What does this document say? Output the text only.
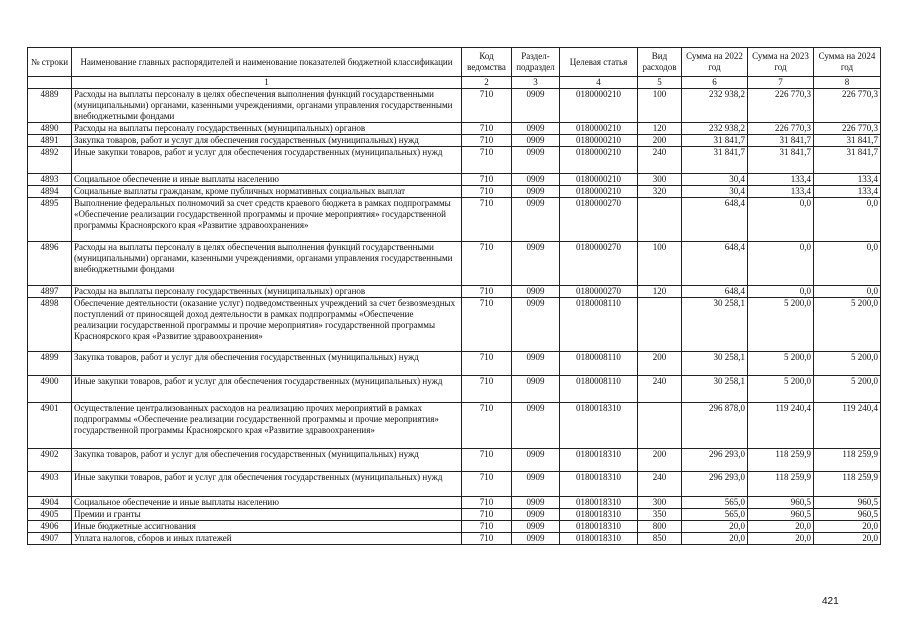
№ строки	Наименование главных распорядителей и наименование показателей бюджетной классификации	Код ведомства	Раздел-подраздел	Целевая статья	Вид расходов	Сумма на 2022 год	Сумма на 2023 год	Сумма на 2024 год
	1	2	3	4	5	6	7	8
4889	Расходы на выплаты персоналу в целях обеспечения выполнения функций государственными (муниципальными) органами, казенными учреждениями, органами управления государственными внебюджетными фондами	710	0909	0180000210	100	232 938,2	226 770,3	226 770,3
4890	Расходы на выплаты персоналу государственных (муниципальных) органов	710	0909	0180000210	120	232 938,2	226 770,3	226 770,3
4891	Закупка товаров, работ и услуг для обеспечения государственных (муниципальных) нужд	710	0909	0180000210	200	31 841,7	31 841,7	31 841,7
4892	Иные закупки товаров, работ и услуг для обеспечения государственных (муниципальных) нужд	710	0909	0180000210	240	31 841,7	31 841,7	31 841,7
4893	Социальное обеспечение и иные выплаты населению	710	0909	0180000210	300	30,4	133,4	133,4
4894	Социальные выплаты гражданам, кроме публичных нормативных социальных выплат	710	0909	0180000210	320	30,4	133,4	133,4
4895	Выполнение федеральных полномочий за счет средств краевого бюджета в рамках подпрограммы «Обеспечение реализации государственной программы и прочие мероприятия» государственной программы Красноярского края «Развитие здравоохранения»	710	0909	0180000270		648,4	0,0	0,0
4896	Расходы на выплаты персоналу в целях обеспечения выполнения функций государственными (муниципальными) органами, казенными учреждениями, органами управления государственными внебюджетными фондами	710	0909	0180000270	100	648,4	0,0	0,0
4897	Расходы на выплаты персоналу государственных (муниципальных) органов	710	0909	0180000270	120	648,4	0,0	0,0
4898	Обеспечение деятельности (оказание услуг) подведомственных учреждений за счет безвозмездных поступлений от приносящей доход деятельности в рамках подпрограммы «Обеспечение реализации государственной программы и прочие мероприятия» государственной программы Красноярского края «Развитие здравоохранения»	710	0909	0180008110		30 258,1	5 200,0	5 200,0
4899	Закупка товаров, работ и услуг для обеспечения государственных (муниципальных) нужд	710	0909	0180008110	200	30 258,1	5 200,0	5 200,0
4900	Иные закупки товаров, работ и услуг для обеспечения государственных (муниципальных) нужд	710	0909	0180008110	240	30 258,1	5 200,0	5 200,0
4901	Осуществление централизованных расходов на реализацию прочих мероприятий в рамках подпрограммы «Обеспечение реализации государственной программы и прочие мероприятия» государственной программы Красноярского края «Развитие здравоохранения»	710	0909	0180018310		296 878,0	119 240,4	119 240,4
4902	Закупка товаров, работ и услуг для обеспечения государственных (муниципальных) нужд	710	0909	0180018310	200	296 293,0	118 259,9	118 259,9
4903	Иные закупки товаров, работ и услуг для обеспечения государственных (муниципальных) нужд	710	0909	0180018310	240	296 293,0	118 259,9	118 259,9
4904	Социальное обеспечение и иные выплаты населению	710	0909	0180018310	300	565,0	960,5	960,5
4905	Премии и гранты	710	0909	0180018310	350	565,0	960,5	960,5
4906	Иные бюджетные ассигнования	710	0909	0180018310	800	20,0	20,0	20,0
4907	Уплата налогов, сборов и иных платежей	710	0909	0180018310	850	20,0	20,0	20,0
421
